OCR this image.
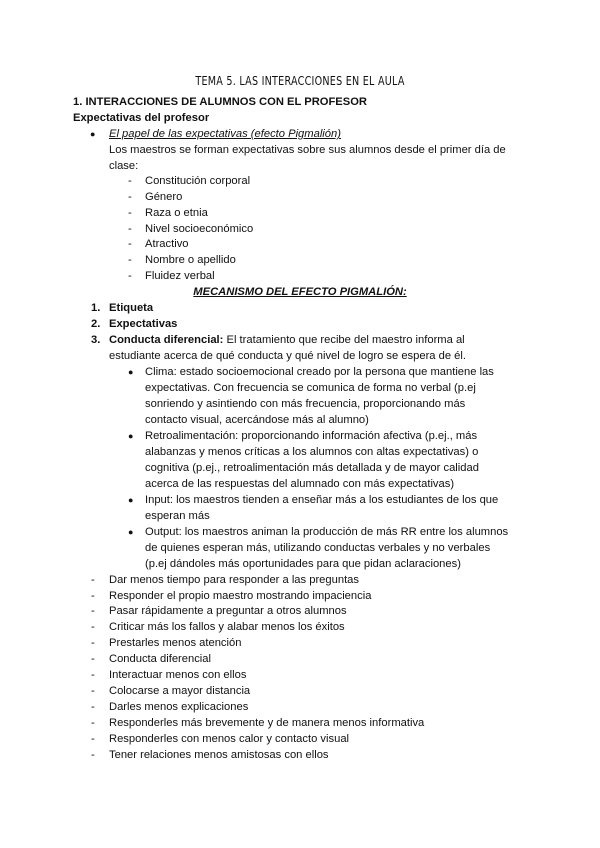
TEMA 5. LAS INTERACCIONES EN EL AULA
1. INTERACCIONES DE ALUMNOS CON EL PROFESOR
Expectativas del profesor
● El papel de las expectativas (efecto Pigmalión)
Los maestros se forman expectativas sobre sus alumnos desde el primer día de
clase:
- Constitución corporal
- Género
- Raza o etnia
- Nivel socioeconómico
- Atractivo
- Nombre o apellido
- Fluidez verbal
MECANISMO DEL EFECTO PIGMALIÓN:
1. Etiqueta
2. Expectativas
3. Conducta diferencial: El tratamiento que recibe del maestro informa al
estudiante acerca de qué conducta y qué nivel de logro se espera de él.
● Clima: estado socioemocional creado por la persona que mantiene las
expectativas. Con frecuencia se comunica de forma no verbal (p.ej
sonriendo y asintiendo con más frecuencia, proporcionando más
contacto visual, acercándose más al alumno)
● Retroalimentación: proporcionando información afectiva (p.ej., más
alabanzas y menos críticas a los alumnos con altas expectativas) o
cognitiva (p.ej., retroalimentación más detallada y de mayor calidad
acerca de las respuestas del alumnado con más expectativas)
● Input: los maestros tienden a enseñar más a los estudiantes de los que
esperan más
● Output: los maestros animan la producción de más RR entre los alumnos
de quienes esperan más, utilizando conductas verbales y no verbales
(p.ej dándoles más oportunidades para que pidan aclaraciones)
- Dar menos tiempo para responder a las preguntas
- Responder el propio maestro mostrando impaciencia
- Pasar rápidamente a preguntar a otros alumnos
- Criticar más los fallos y alabar menos los éxitos
- Prestarles menos atención
- Conducta diferencial
- Interactuar menos con ellos
- Colocarse a mayor distancia
- Darles menos explicaciones
- Responderles más brevemente y de manera menos informativa
- Responderles con menos calor y contacto visual
- Tener relaciones menos amistosas con ellos
